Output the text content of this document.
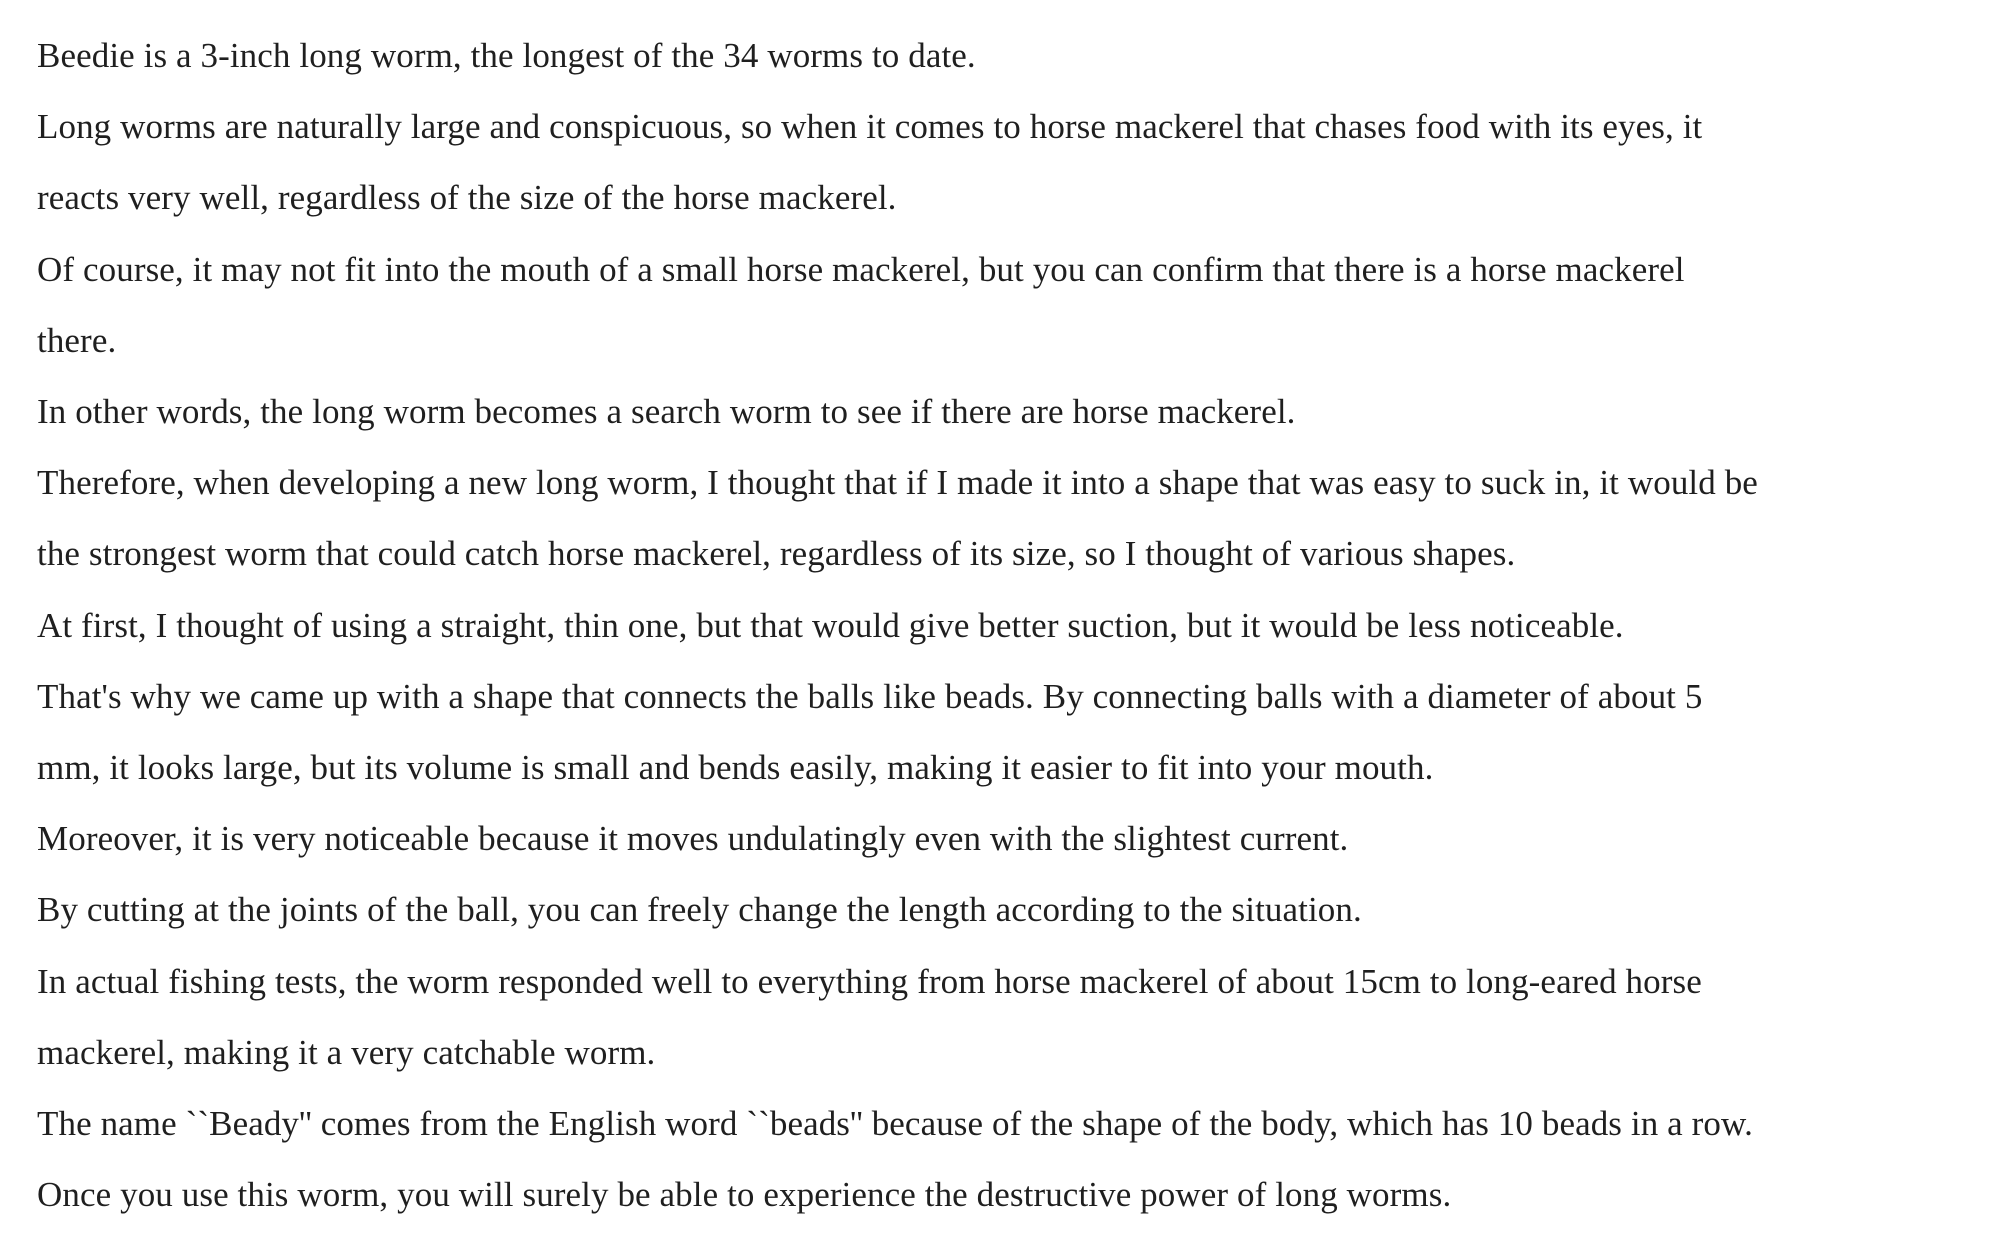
Beedie is a 3-inch long worm, the longest of the 34 worms to date.

Long worms are naturally large and conspicuous, so when it comes to horse mackerel that chases food with its eyes, it

reacts very well, regardless of the size of the horse mackerel.

Of course, it may not fit into the mouth of a small horse mackerel, but you can confirm that there is a horse mackerel

there.

In other words, the long worm becomes a search worm to see if there are horse mackerel.

Therefore, when developing a new long worm, I thought that if I made it into a shape that was easy to suck in, it would be

the strongest worm that could catch horse mackerel, regardless of its size, so I thought of various shapes.

At first, I thought of using a straight, thin one, but that would give better suction, but it would be less noticeable.

That's why we came up with a shape that connects the balls like beads. By connecting balls with a diameter of about 5

mm, it looks large, but its volume is small and bends easily, making it easier to fit into your mouth.

Moreover, it is very noticeable because it moves undulatingly even with the slightest current.

By cutting at the joints of the ball, you can freely change the length according to the situation.

In actual fishing tests, the worm responded well to everything from horse mackerel of about 15cm to long-eared horse

mackerel, making it a very catchable worm.

The name ``Beady'' comes from the English word ``beads'' because of the shape of the body, which has 10 beads in a row.

Once you use this worm, you will surely be able to experience the destructive power of long worms.
